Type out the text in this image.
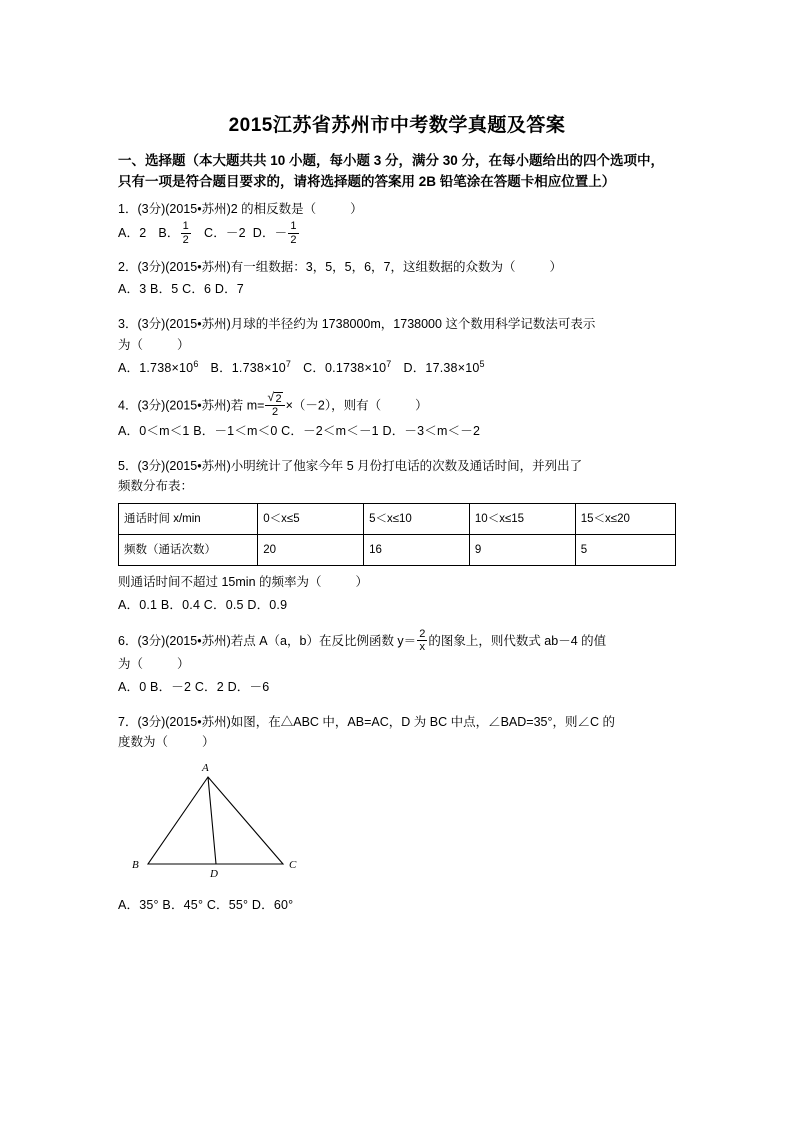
2015江苏省苏州市中考数学真题及答案
一、选择题（本大题共共 10 小题，每小题 3 分，满分 30 分，在每小题给出的四个选项中，只有一项是符合题目要求的，请将选择题的答案用 2B 铅笔涂在答题卡相应位置上）
1．(3分)(2015•苏州)2 的相反数是（	）
A．2 B． $\frac{1}{2}$ C．－2 D．－ $\frac{1}{2}$
2．(3分)(2015•苏州)有一组数据：3，5，5，6，7，这组数据的众数为（	）
A．3 B．5 C．6 D．7
3．(3分)(2015•苏州)月球的半径约为 1738000m，1738000 这个数用科学记数法可表示
为（	）
A．$1.738\times 10^6$ B．$1.738\times 10^7$ C．$0.1738\times 10^7$ D．$17.38\times 10^5$
4．(3分)(2015•苏州)若 m= √ $\frac{2}{2} \times(-2)$，则有（	）
A．0＜m＜1 B．－1＜m＜0 C．－2＜m＜－1 D．－3＜m＜－2
5．(3分)(2015•苏州)小明统计了他家今年 5 月份打电话的次数及通话时间，并列出了
频数分布表：
通话时间 x/min	0＜x≤5	5＜x≤10	10＜x≤15	15＜x≤20
频数（通话次数）	20	16	9	5
则通话时间不超过 15min 的频率为（	）
A．0.1 B．0.4 C．0.5 D．0.9
6．(3分)(2015•苏州)若点 A（a，b）在反比例函数 $y= \frac{2}{x}$ 的图象上，则代数式 ab－4 的值
为（	）
A．0 B．－2 C．2 D．－6
7．(3分)(2015•苏州)如图，在△ABC 中，AB=AC，D 为 BC 中点，∠BAD=35°，则∠C 的
度数为（	）
A
B	C
D
A．35° B．45° C．55° D．60°
